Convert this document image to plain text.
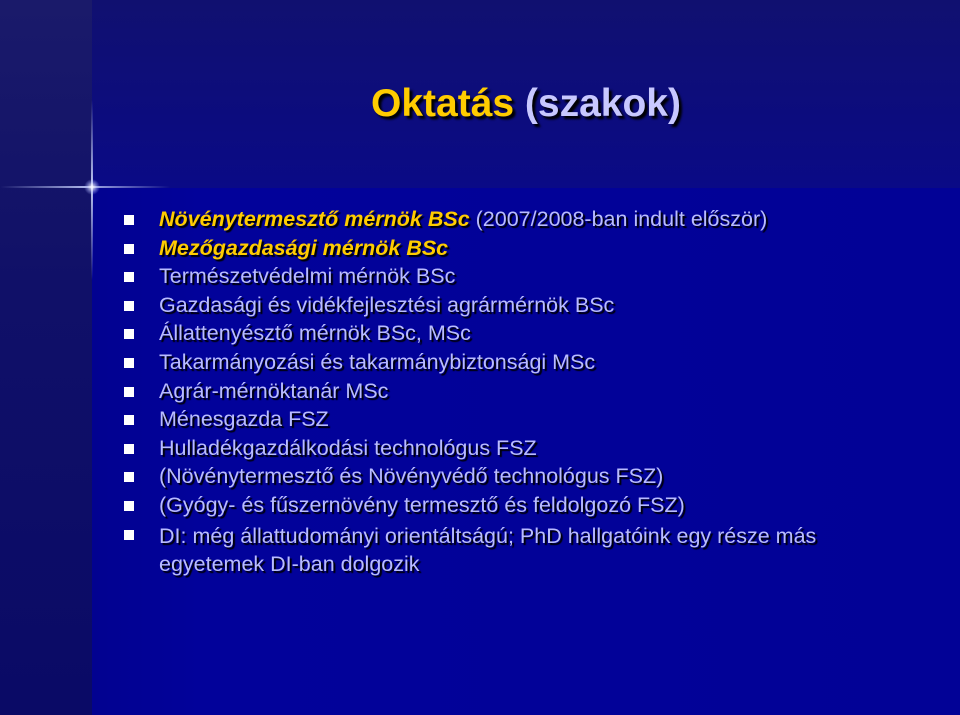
Oktatás (szakok)
Növénytermesztő mérnök BSc (2007/2008-ban indult először)
Mezőgazdasági mérnök BSc
Természetvédelmi mérnök BSc
Gazdasági és vidékfejlesztési agrármérnök BSc
Állattenyésztő mérnök BSc, MSc
Takarmányozási és takarmánybiztonsági MSc
Agrár-mérnöktanár MSc
Ménesgazda FSZ
Hulladékgazdálkodási technológus FSZ
(Növénytermesztő és Növényvédő technológus FSZ)
(Gyógy- és fűszernövény termesztő és feldolgozó FSZ)
DI: még állattudományi orientáltságú; PhD hallgatóink egy része más egyetemek DI-ban dolgozik
